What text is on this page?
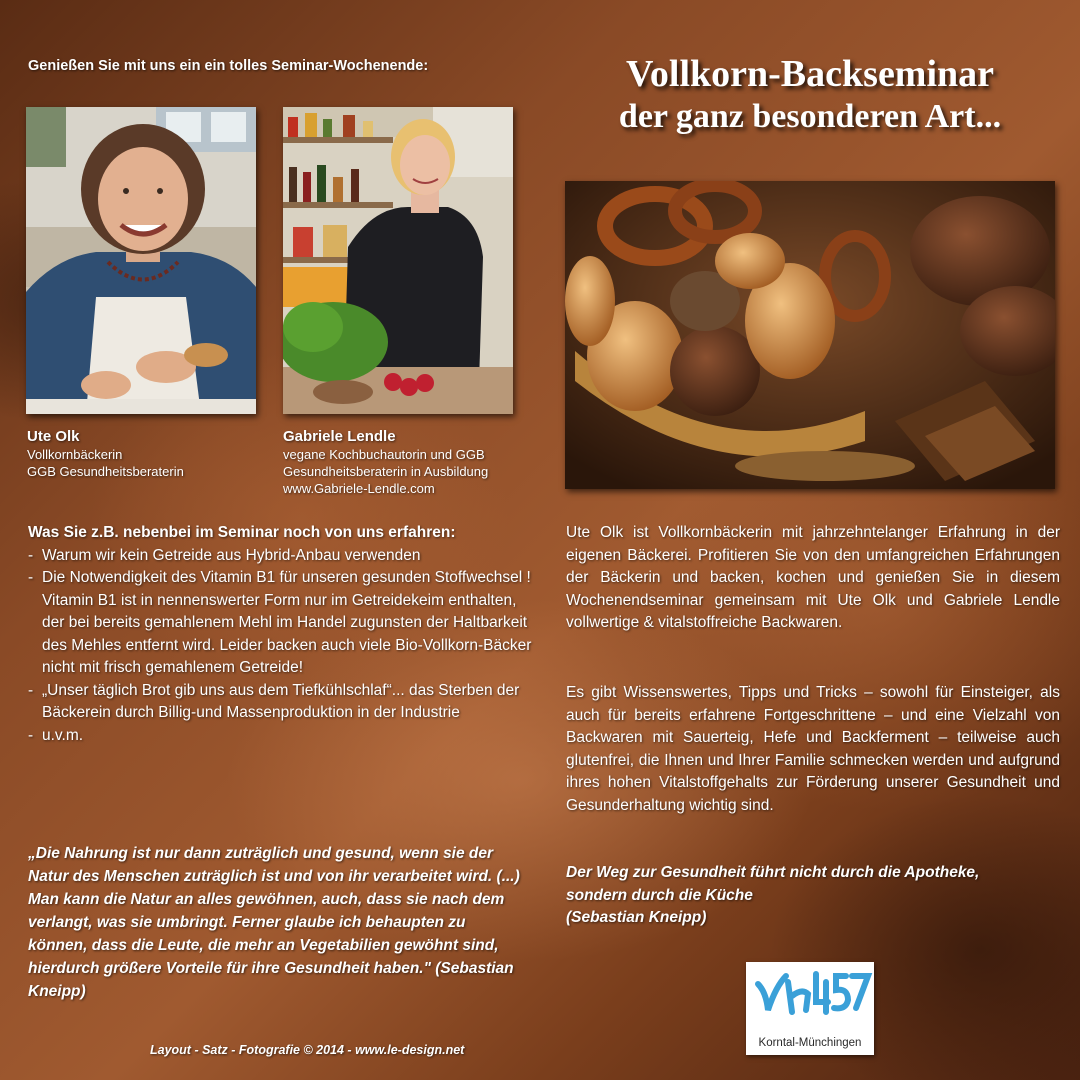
Genießen Sie mit uns ein ein tolles Seminar-Wochenende:
Ute Olk
Vollkornbäckerin
GGB Gesundheitsberaterin
Gabriele Lendle
vegane Kochbuchautorin und GGB
Gesundheitsberaterin in Ausbildung
www.Gabriele-Lendle.com
Was Sie z.B. nebenbei im Seminar noch von uns erfahren:
- Warum wir kein Getreide aus Hybrid-Anbau verwenden
- Die Notwendigkeit des Vitamin B1 für unseren gesunden Stoffwechsel ! Vitamin B1 ist in nennenswerter Form nur im Getreidekeim enthalten, der bei bereits gemahlenem Mehl im Handel zugunsten der Haltbarkeit des Mehles entfernt wird. Leider backen auch viele Bio-Vollkorn-Bäcker nicht mit frisch gemahlenem Getreide!
- „Unser täglich Brot gib uns aus dem Tiefkühlschlaf“... das Sterben der Bäckerein durch Billig-und Massenproduktion in der Industrie
- u.v.m.
„Die Nahrung ist nur dann zuträglich und gesund, wenn sie der Natur des Menschen zuträglich ist und von ihr verarbeitet wird. (...) Man kann die Natur an alles gewöhnen, auch, dass sie nach dem verlangt, was sie umbringt. Ferner glaube ich behaupten zu können, dass die Leute, die mehr an Vegetabilien gewöhnt sind, hierdurch größere Vorteile für ihre Gesundheit haben." (Sebastian Kneipp)
Layout - Satz - Fotografie © 2014 - www.le-design.net
Vollkorn-Backseminar
der ganz besonderen Art...
Ute Olk ist Vollkornbäckerin mit jahrzehntelanger Erfahrung in der eigenen Bäckerei. Profitieren Sie von den umfangreichen Erfahrungen der Bäckerin und backen, kochen und genießen Sie in diesem Wochenendseminar gemeinsam mit Ute Olk und Gabriele Lendle vollwertige & vitalstoffreiche Backwaren.
Es gibt Wissenswertes, Tipps und Tricks – sowohl für Einsteiger, als auch für bereits erfahrene Fortgeschrittene – und eine Vielzahl von Backwaren mit Sauerteig, Hefe und Backferment – teilweise auch glutenfrei, die Ihnen und Ihrer Familie schmecken werden und aufgrund ihres hohen Vitalstoffgehalts zur Förderung unserer Gesundheit und Gesunderhaltung wichtig sind.
Der Weg zur Gesundheit führt nicht durch die Apotheke,
sondern durch die Küche
(Sebastian Kneipp)
Korntal-Münchingen
